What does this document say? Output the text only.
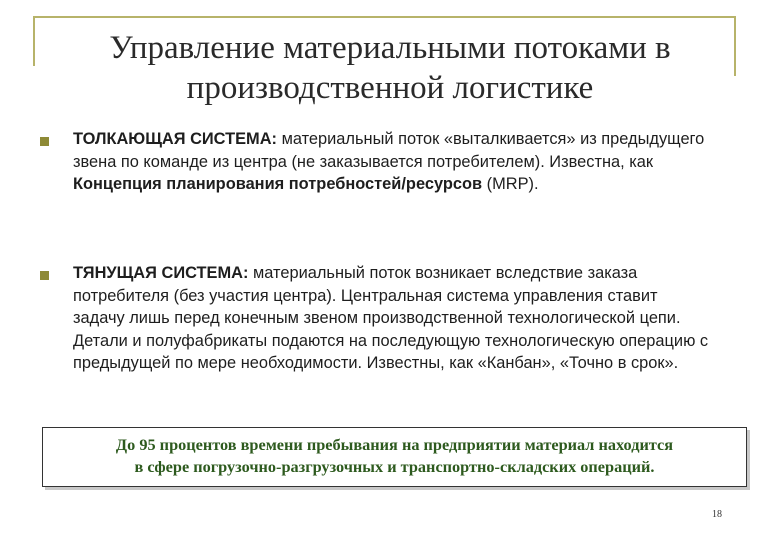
Управление материальными потоками в
производственной логистике
ТОЛКАЮЩАЯ СИСТЕМА: материальный поток «выталкивается» из предыдущего звена по команде из центра (не заказывается потребителем). Известна, как Концепция планирования потребностей/ресурсов (MRP).
ТЯНУЩАЯ СИСТЕМА: материальный поток возникает вследствие заказа потребителя (без участия центра). Центральная система управления ставит задачу лишь перед конечным звеном производственной технологической цепи. Детали и полуфабрикаты подаются на последующую технологическую операцию с предыдущей по мере необходимости. Известны, как «Канбан», «Точно в срок».
До 95 процентов времени пребывания на предприятии материал находится
в сфере погрузочно-разгрузочных и транспортно-складских операций.
18
